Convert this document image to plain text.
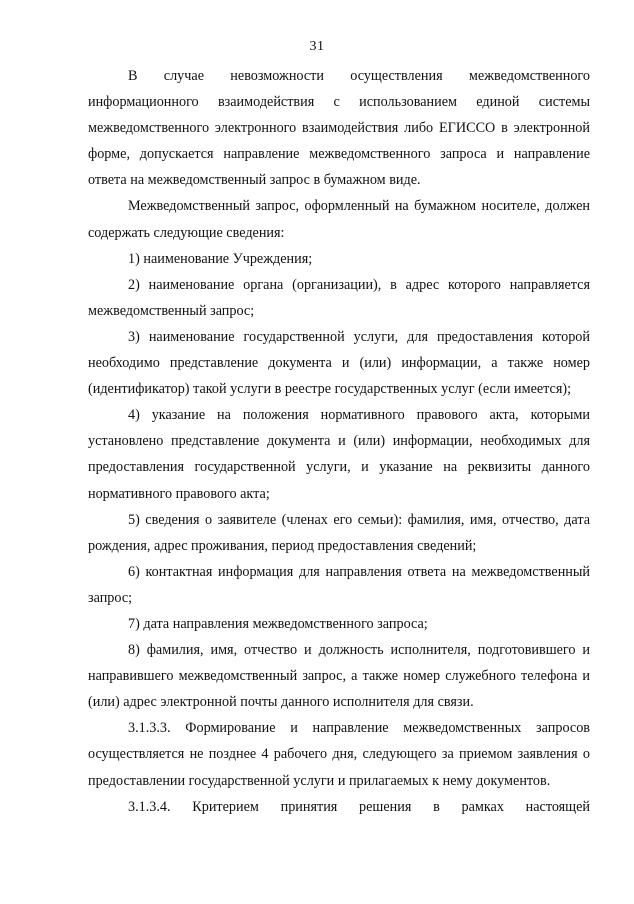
31

В случае невозможности осуществления межведомственного информационного взаимодействия с использованием единой системы межведомственного электронного взаимодействия либо ЕГИССО в электронной форме, допускается направление межведомственного запроса и направление ответа на межведомственный запрос в бумажном виде.

Межведомственный запрос, оформленный на бумажном носителе, должен содержать следующие сведения:

1) наименование Учреждения;

2) наименование органа (организации), в адрес которого направляется межведомственный запрос;

3) наименование государственной услуги, для предоставления которой необходимо представление документа и (или) информации, а также номер (идентификатор) такой услуги в реестре государственных услуг (если имеется);

4) указание на положения нормативного правового акта, которыми установлено представление документа и (или) информации, необходимых для предоставления государственной услуги, и указание на реквизиты данного нормативного правового акта;

5) сведения о заявителе (членах его семьи): фамилия, имя, отчество, дата рождения, адрес проживания, период предоставления сведений;

6) контактная информация для направления ответа на межведомственный запрос;

7) дата направления межведомственного запроса;

8) фамилия, имя, отчество и должность исполнителя, подготовившего и направившего межведомственный запрос, а также номер служебного телефона и (или) адрес электронной почты данного исполнителя для связи.

3.1.3.3. Формирование и направление межведомственных запросов осуществляется не позднее 4 рабочего дня, следующего за приемом заявления о предоставлении государственной услуги и прилагаемых к нему документов.

3.1.3.4. Критерием принятия решения в рамках настоящей
